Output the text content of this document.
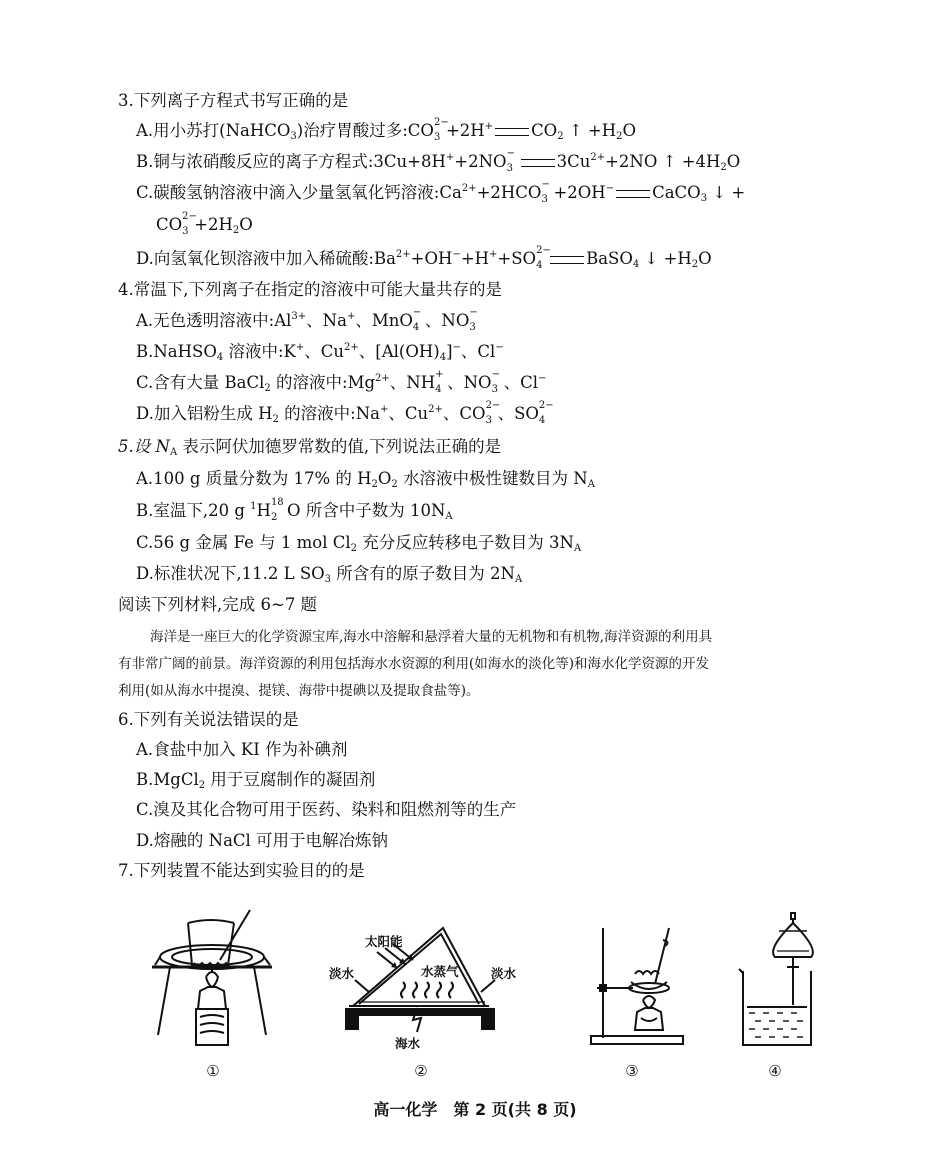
3.下列离子方程式书写正确的是
A.用小苏打(NaHCO$_3$)治疗胃酸过多:CO 2−
3 +2H+ $CO_2$ ↑ $+H_2O$
B.铜与浓硝酸反应的离子方程式:3Cu+8H++2NO −
3	$3Cu^{2+}+2NO$ ↑ $+4H_2O$
C.碳酸氢钠溶液中滴入少量氢氧化钙溶液$:Ca^{2+}+2HCO$ −
3 +2OH− CaCO$_3$ ↓ +
CO 2−
$3 +2H_2O$
D.向氢氧化钡溶液中加入稀硫酸$:Ba^{2+}+OH^-+H^++SO$ 2−
4	BaSO$_4$ ↓ $+H_2O$
4.常温下,下列离子在指定的溶液中可能大量共存的是
A.无色透明溶液中$:Al^{3+}$、Na+、MnO −
4 、NO −
3
B.NaHSO$_4$ 溶液中:K+、$Cu^{2+}$、$[Al(OH)_4]^-$、Cl−
C.含有大量 BaCl$_2$ 的溶液中$:Mg^{2+}$、NH +
4 、NO −
3 、Cl−
D.加入铝粉生成 $H_2$ 的溶液中:Na+、$Cu^{2+}$、CO 2−
3 、SO 2−
4
5.设 $N_A$ 表示阿伏加德罗常数的值,下列说法正确的是
A.100 g 质量分数为 17% 的 $H_2O_2$ 水溶液中极性键数目为 $N_A$
B.室温下,20 g $^1$H 18
2 O 所含中子数为 $10N_A$
C.56 g 金属 Fe 与 1 mol $Cl_2$ 充分反应转移电子数目为 $3N_A$
D.标准状况下,11.2 L $SO_3$ 所含有的原子数目为 $2N_A$
阅读下列材料,完成 6~7 题
海洋是一座巨大的化学资源宝库,海水中溶解和悬浮着大量的无机物和有机物,海洋资源的利用具
有非常广阔的前景。海洋资源的利用包括海水水资源的利用(如海水的淡化等)和海水化学资源的开发
利用(如从海水中提溴、提镁、海带中提碘以及提取食盐等)。
6.下列有关说法错误的是
A.食盐中加入 KI 作为补碘剂
B.MgCl$_2$ 用于豆腐制作的凝固剂
C.溴及其化合物可用于医药、染料和阻燃剂等的生产
D.熔融的 NaCl 可用于电解冶炼钠
7.下列装置不能达到实验目的的是
①
太阳能
淡水	水蒸气	淡水
海水
②	③	④
高一化学　第 2 页(共 8 页)
